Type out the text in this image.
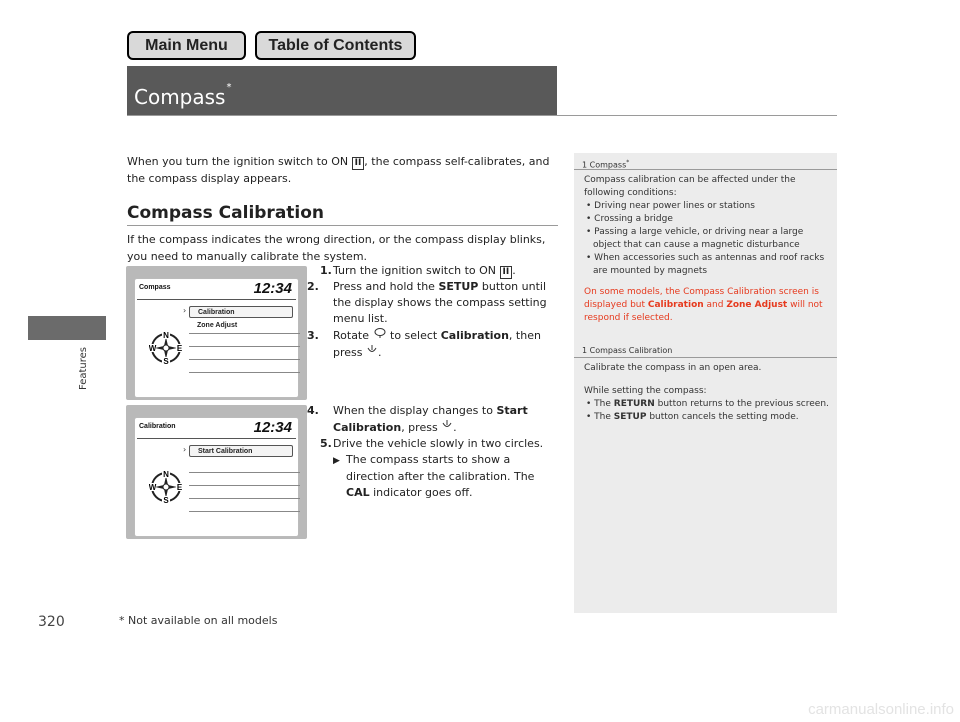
Main Menu	Table of Contents
Compass*
Features
When you turn the ignition switch to ON II , the compass self-calibrates, and the compass display appears.
Compass Calibration
If the compass indicates the wrong direction, or the compass display blinks, you need to manually calibrate the system.
Compass	12:34
N
S
W	E
›	Calibration
Zone Adjust
1.Turn the ignition switch to ON II .
2. Press and hold the SETUP button until the display shows the compass setting menu list.
3. Rotate  to select Calibration, then press .
Calibration	12:34
N
S
W	E
›	Start Calibration
4. When the display changes to Start Calibration, press .
5.Drive the vehicle slowly in two circles.
▶ The compass starts to show a direction after the calibration. The CAL indicator goes off.
1 Compass*
Compass calibration can be affected under the following conditions:
• Driving near power lines or stations
• Crossing a bridge
• Passing a large vehicle, or driving near a large object that can cause a magnetic disturbance
• When accessories such as antennas and roof racks are mounted by magnets
On some models, the Compass Calibration screen is displayed but Calibration and Zone Adjust will not respond if selected.
1 Compass Calibration
Calibrate the compass in an open area.
While setting the compass:
• The RETURN button returns to the previous screen.
• The SETUP button cancels the setting mode.
320	* Not available on all models
carmanualsonline.info
